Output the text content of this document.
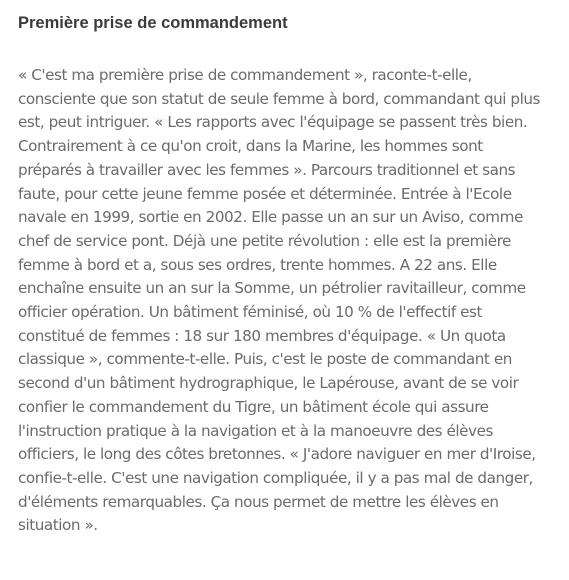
Première prise de commandement
« C'est ma première prise de commandement », raconte-t-elle,
consciente que son statut de seule femme à bord, commandant qui plus
est, peut intriguer. « Les rapports avec l'équipage se passent très bien.
Contrairement à ce qu'on croit, dans la Marine, les hommes sont
préparés à travailler avec les femmes ». Parcours traditionnel et sans
faute, pour cette jeune femme posée et déterminée. Entrée à l'Ecole
navale en 1999, sortie en 2002. Elle passe un an sur un Aviso, comme
chef de service pont. Déjà une petite révolution : elle est la première
femme à bord et a, sous ses ordres, trente hommes. A 22 ans. Elle
enchaîne ensuite un an sur la Somme, un pétrolier ravitailleur, comme
officier opération. Un bâtiment féminisé, où 10 % de l'effectif est
constitué de femmes : 18 sur 180 membres d'équipage. « Un quota
classique », commente-t-elle. Puis, c'est le poste de commandant en
second d'un bâtiment hydrographique, le Lapérouse, avant de se voir
confier le commandement du Tigre, un bâtiment école qui assure
l'instruction pratique à la navigation et à la manoeuvre des élèves
officiers, le long des côtes bretonnes. « J'adore naviguer en mer d'Iroise,
confie-t-elle. C'est une navigation compliquée, il y a pas mal de danger,
d'éléments remarquables. Ça nous permet de mettre les élèves en
situation ».
